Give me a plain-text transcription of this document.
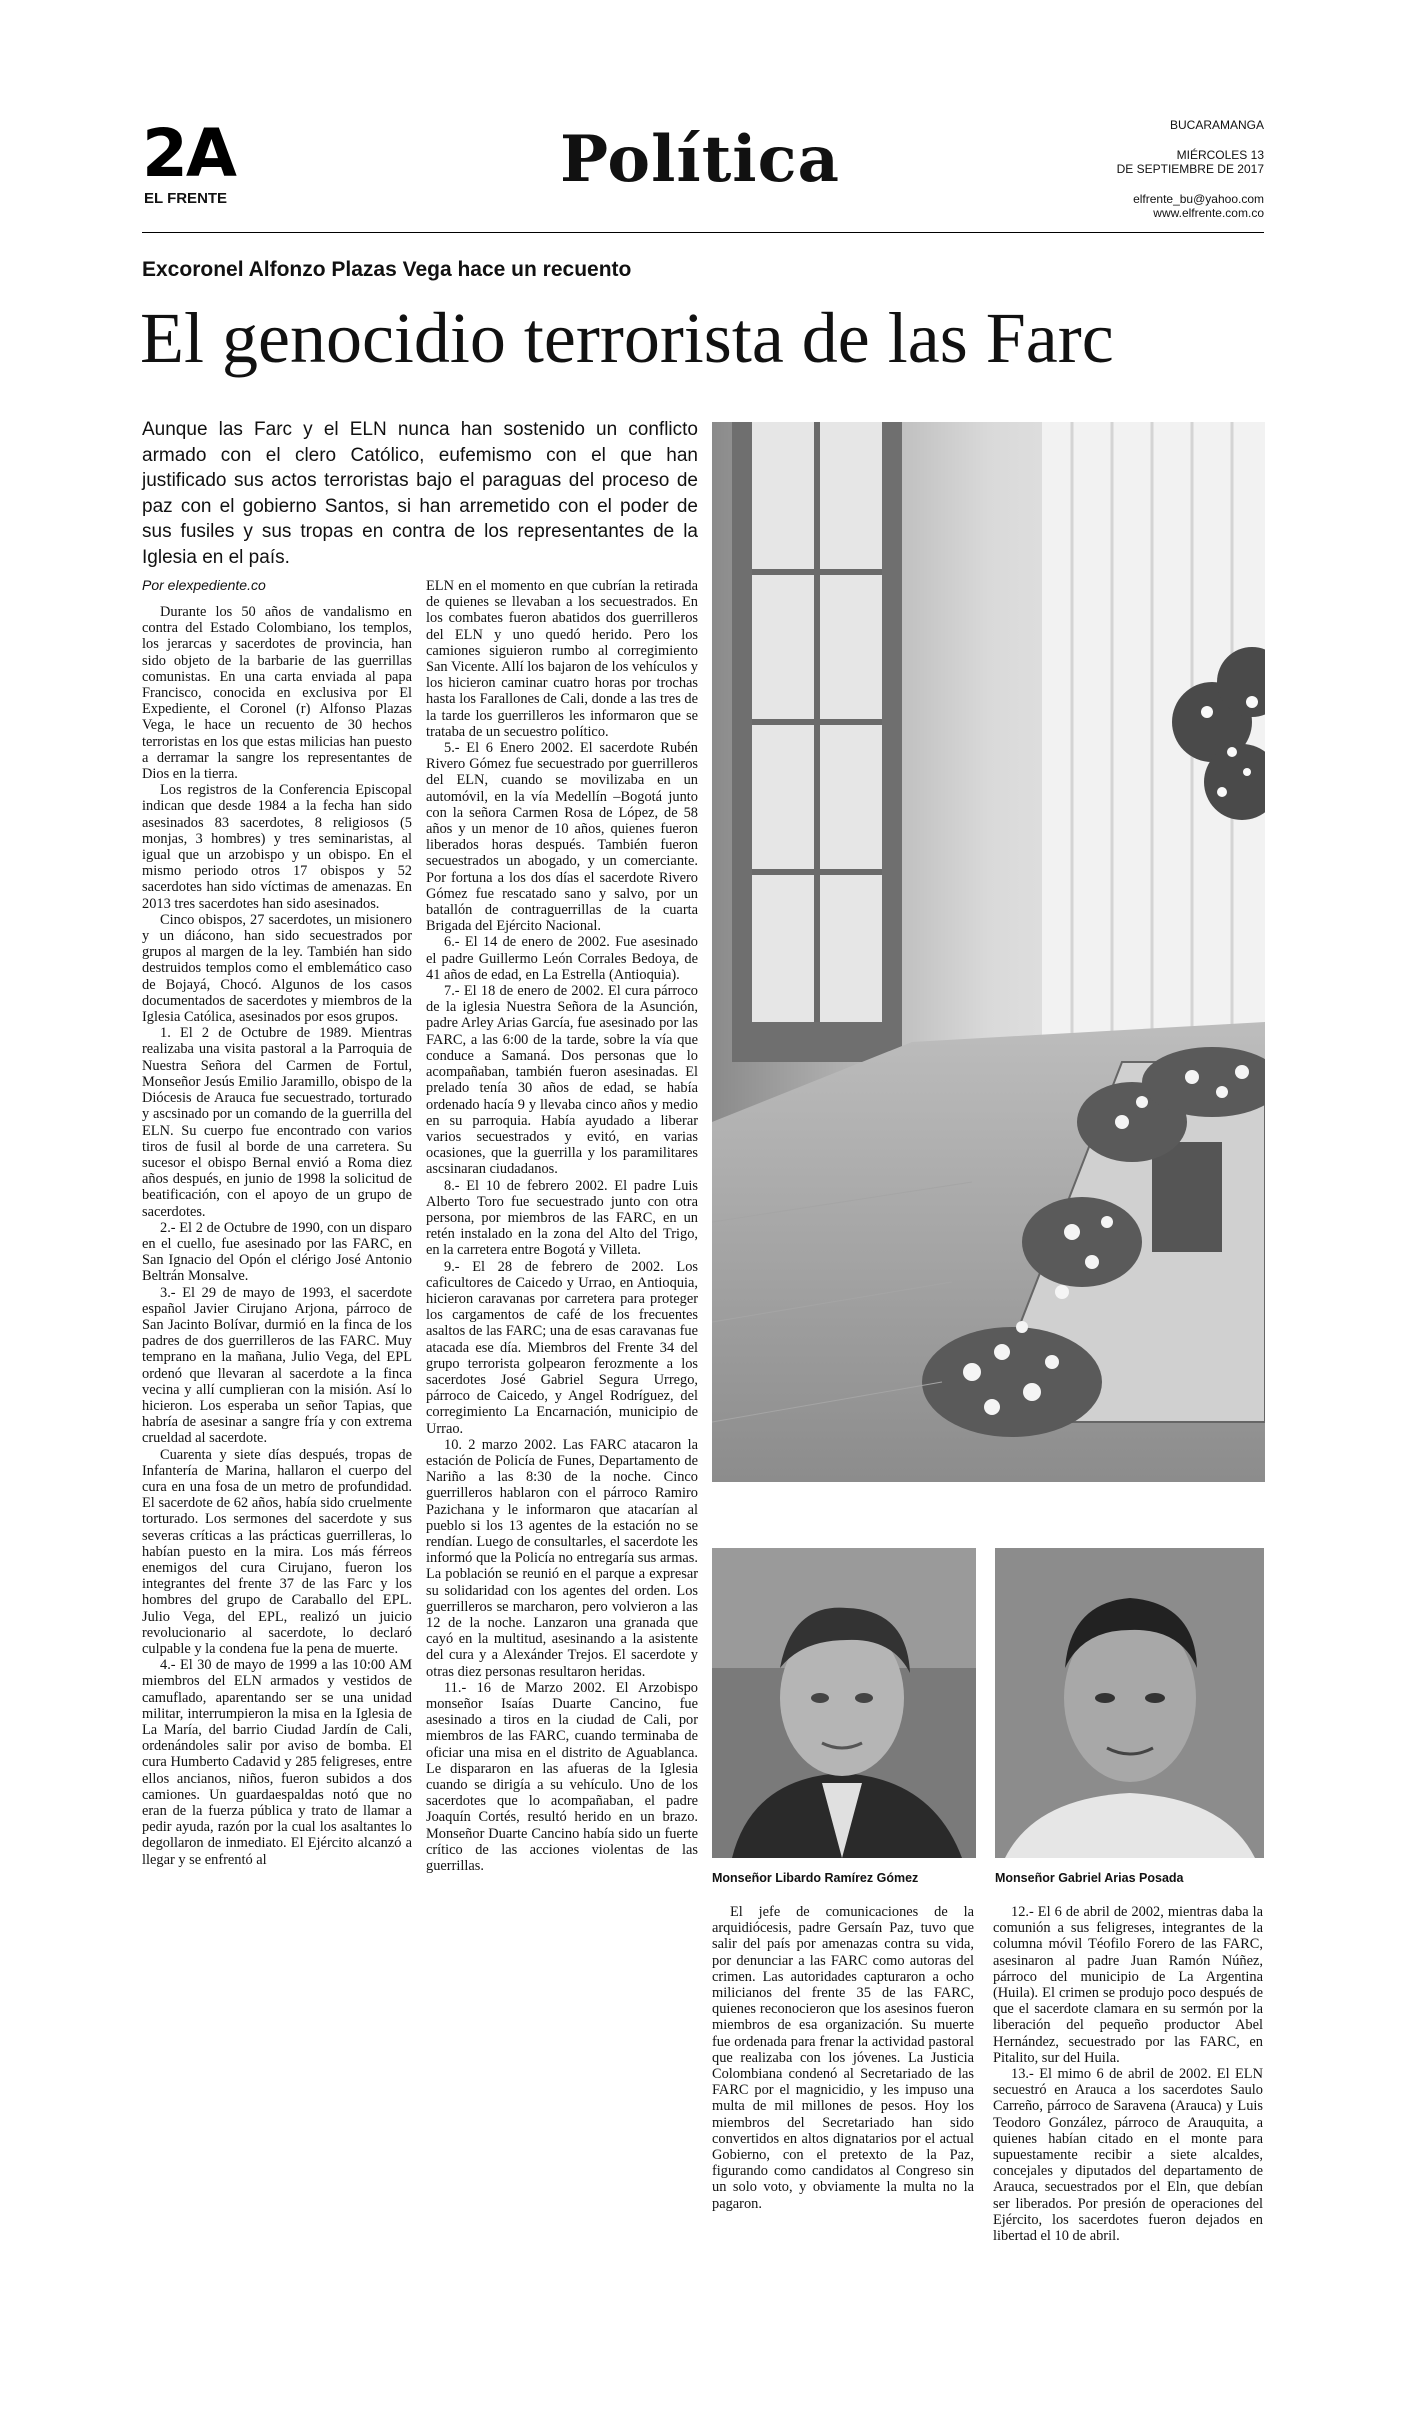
2A
EL FRENTE
Política	BUCARAMANGA
MIÉRCOLES 13
DE SEPTIEMBRE DE 2017
elfrente_bu@yahoo.com
www.elfrente.com.co
Excoronel Alfonzo Plazas Vega hace un recuento
El genocidio terrorista de las Farc
Aunque las Farc y el ELN nunca han sostenido un conflicto armado con el clero Católico, eufemismo con el que han justificado sus actos terroristas bajo el paraguas del proceso de paz con el gobierno Santos, si han arremetido con el poder de sus fusiles y sus tropas en contra de los representantes de la Iglesia en el país.
Por elexpediente.co

Durante los 50 años de vandalismo en contra del Estado Colombiano, los templos, los jerarcas y sacerdotes de provincia, han sido objeto de la barbarie de las guerrillas comunistas. En una carta enviada al papa Francisco, conocida en exclusiva por El Expediente, el Coronel (r) Alfonso Plazas Vega, le hace un recuento de 30 hechos terroristas en los que estas milicias han puesto a derramar la sangre los representantes de Dios en la tierra.

Los registros de la Conferencia Episcopal indican que desde 1984 a la fecha han sido asesinados 83 sacerdotes, 8 religiosos (5 monjas, 3 hombres) y tres seminaristas, al igual que un arzobispo y un obispo. En el mismo periodo otros 17 obispos y 52 sacerdotes han sido víctimas de amenazas. En 2013 tres sacerdotes han sido asesinados.

Cinco obispos, 27 sacerdotes, un misionero y un diácono, han sido secuestrados por grupos al margen de la ley. También han sido destruidos templos como el emblemático caso de Bojayá, Chocó. Algunos de los casos documentados de sacerdotes y miembros de la Iglesia Católica, asesinados por esos grupos.

1. El 2 de Octubre de 1989. Mientras realizaba una visita pastoral a la Parroquia de Nuestra Señora del Carmen de Fortul, Monseñor Jesús Emilio Jaramillo, obispo de la Diócesis de Arauca fue secuestrado, torturado y ascsinado por un comando de la guerrilla del ELN. Su cuerpo fue encontrado con varios tiros de fusil al borde de una carretera. Su sucesor el obispo Bernal envió a Roma diez años después, en junio de 1998 la solicitud de beatificación, con el apoyo de un grupo de sacerdotes.

2.- El 2 de Octubre de 1990, con un disparo en el cuello, fue asesinado por las FARC, en San Ignacio del Opón el clérigo José Antonio Beltrán Monsalve.

3.- El 29 de mayo de 1993, el sacerdote español Javier Cirujano Arjona, párroco de San Jacinto Bolívar, durmió en la finca de los padres de dos guerrilleros de las FARC. Muy temprano en la mañana, Julio Vega, del EPL ordenó que llevaran al sacerdote a la finca vecina y allí cumplieran con la misión. Así lo hicieron. Los esperaba un señor Tapias, que habría de asesinar a sangre fría y con extrema crueldad al sacerdote.

Cuarenta y siete días después, tropas de Infantería de Marina, hallaron el cuerpo del cura en una fosa de un metro de profundidad. El sacerdote de 62 años, había sido cruelmente torturado. Los sermones del sacerdote y sus severas críticas a las prácticas guerrilleras, lo habían puesto en la mira. Los más férreos enemigos del cura Cirujano, fueron los integrantes del frente 37 de las Farc y los hombres del grupo de Caraballo del EPL. Julio Vega, del EPL, realizó un juicio revolucionario al sacerdote, lo declaró culpable y la condena fue la pena de muerte.

4.- El 30 de mayo de 1999 a las 10:00 AM miembros del ELN armados y vestidos de camuflado, aparentando ser se una unidad militar, interrumpieron la misa en la Iglesia de La María, del barrio Ciudad Jardín de Cali, ordenándoles salir por aviso de bomba. El cura Humberto Cadavid y 285 feligreses, entre ellos ancianos, niños, fueron subidos a dos camiones. Un guardaespaldas notó que no eran de la fuerza pública y trato de llamar a pedir ayuda, razón por la cual los asaltantes lo degollaron de inmediato. El Ejército alcanzó a llegar y se enfrentó al

ELN en el momento en que cubrían la retirada de quienes se llevaban a los secuestrados. En los combates fueron abatidos dos guerrilleros del ELN y uno quedó herido. Pero los camiones siguieron rumbo al corregimiento San Vicente. Allí los bajaron de los vehículos y los hicieron caminar cuatro horas por trochas hasta los Farallones de Cali, donde a las tres de la tarde los guerrilleros les informaron que se trataba de un secuestro político.

5.- El 6 Enero 2002. El sacerdote Rubén Rivero Gómez fue secuestrado por guerrilleros del ELN, cuando se movilizaba en un automóvil, en la vía Medellín –Bogotá junto con la señora Carmen Rosa de López, de 58 años y un menor de 10 años, quienes fueron liberados horas después. También fueron secuestrados un abogado, y un comerciante. Por fortuna a los dos días el sacerdote Rivero Gómez fue rescatado sano y salvo, por un batallón de contraguerrillas de la cuarta Brigada del Ejército Nacional.

6.- El 14 de enero de 2002. Fue asesinado el padre Guillermo León Corrales Bedoya, de 41 años de edad, en La Estrella (Antioquia).

7.- El 18 de enero de 2002. El cura párroco de la iglesia Nuestra Señora de la Asunción, padre Arley Arias García, fue asesinado por las FARC, a las 6:00 de la tarde, sobre la vía que conduce a Samaná. Dos personas que lo acompañaban, también fueron asesinadas. El prelado tenía 30 años de edad, se había ordenado hacía 9 y llevaba cinco años y medio en su parroquia. Había ayudado a liberar varios secuestrados y evitó, en varias ocasiones, que la guerrilla y los paramilitares ascsinaran ciudadanos.

8.- El 10 de febrero 2002. El padre Luis Alberto Toro fue secuestrado junto con otra persona, por miembros de las FARC, en un retén instalado en la zona del Alto del Trigo, en la carretera entre Bogotá y Villeta.

9.- El 28 de febrero de 2002. Los caficultores de Caicedo y Urrao, en Antioquia, hicieron caravanas por carretera para proteger los cargamentos de café de los frecuentes asaltos de las FARC; una de esas caravanas fue atacada ese día. Miembros del Frente 34 del grupo terrorista golpearon ferozmente a los sacerdotes José Gabriel Segura Urrego, párroco de Caicedo, y Angel Rodríguez, del corregimiento La Encarnación, municipio de Urrao.

10. 2 marzo 2002. Las FARC atacaron la estación de Policía de Funes, Departamento de Nariño a las 8:30 de la noche. Cinco guerrilleros hablaron con el párroco Ramiro Pazichana y le informaron que atacarían al pueblo si los 13 agentes de la estación no se rendían. Luego de consultarles, el sacerdote les informó que la Policía no entregaría sus armas. La población se reunió en el parque a expresar su solidaridad con los agentes del orden. Los guerrilleros se marcharon, pero volvieron a las 12 de la noche. Lanzaron una granada que cayó en la multitud, asesinando a la asistente del cura y a Alexánder Trejos. El sacerdote y otras diez personas resultaron heridas.

11.- 16 de Marzo 2002. El Arzobispo monseñor Isaías Duarte Cancino, fue asesinado a tiros en la ciudad de Cali, por miembros de las FARC, cuando terminaba de oficiar una misa en el distrito de Aguablanca. Le dispararon en las afueras de la Iglesia cuando se dirigía a su vehículo. Uno de los sacerdotes que lo acompañaban, el padre Joaquín Cortés, resultó herido en un brazo. Monseñor Duarte Cancino había sido un fuerte crítico de las acciones violentas de las guerrillas.

Monseñor Libardo Ramírez Gómez	Monseñor Gabriel Arias Posada

El jefe de comunicaciones de la arquidiócesis, padre Gersaín Paz, tuvo que salir del país por amenazas contra su vida, por denunciar a las FARC como autoras del crimen. Las autoridades capturaron a ocho milicianos del frente 35 de las FARC, quienes reconocieron que los asesinos fueron miembros de esa organización. Su muerte fue ordenada para frenar la actividad pastoral que realizaba con los jóvenes. La Justicia Colombiana condenó al Secretariado de las FARC por el magnicidio, y les impuso una multa de mil millones de pesos. Hoy los miembros del Secretariado han sido convertidos en altos dignatarios por el actual Gobierno, con el pretexto de la Paz, figurando como candidatos al Congreso sin un solo voto, y obviamente la multa no la pagaron.

12.- El 6 de abril de 2002, mientras daba la comunión a sus feligreses, integrantes de la columna móvil Téofilo Forero de las FARC, asesinaron al padre Juan Ramón Núñez, párroco del municipio de La Argentina (Huila). El crimen se produjo poco después de que el sacerdote clamara en su sermón por la liberación del pequeño productor Abel Hernández, secuestrado por las FARC, en Pitalito, sur del Huila.

13.- El mimo 6 de abril de 2002. El ELN secuestró en Arauca a los sacerdotes Saulo Carreño, párroco de Saravena (Arauca) y Luis Teodoro González, párroco de Arauquita, a quienes habían citado en el monte para supuestamente recibir a siete alcaldes, concejales y diputados del departamento de Arauca, secuestrados por el Eln, que debían ser liberados. Por presión de operaciones del Ejército, los sacerdotes fueron dejados en libertad el 10 de abril.
